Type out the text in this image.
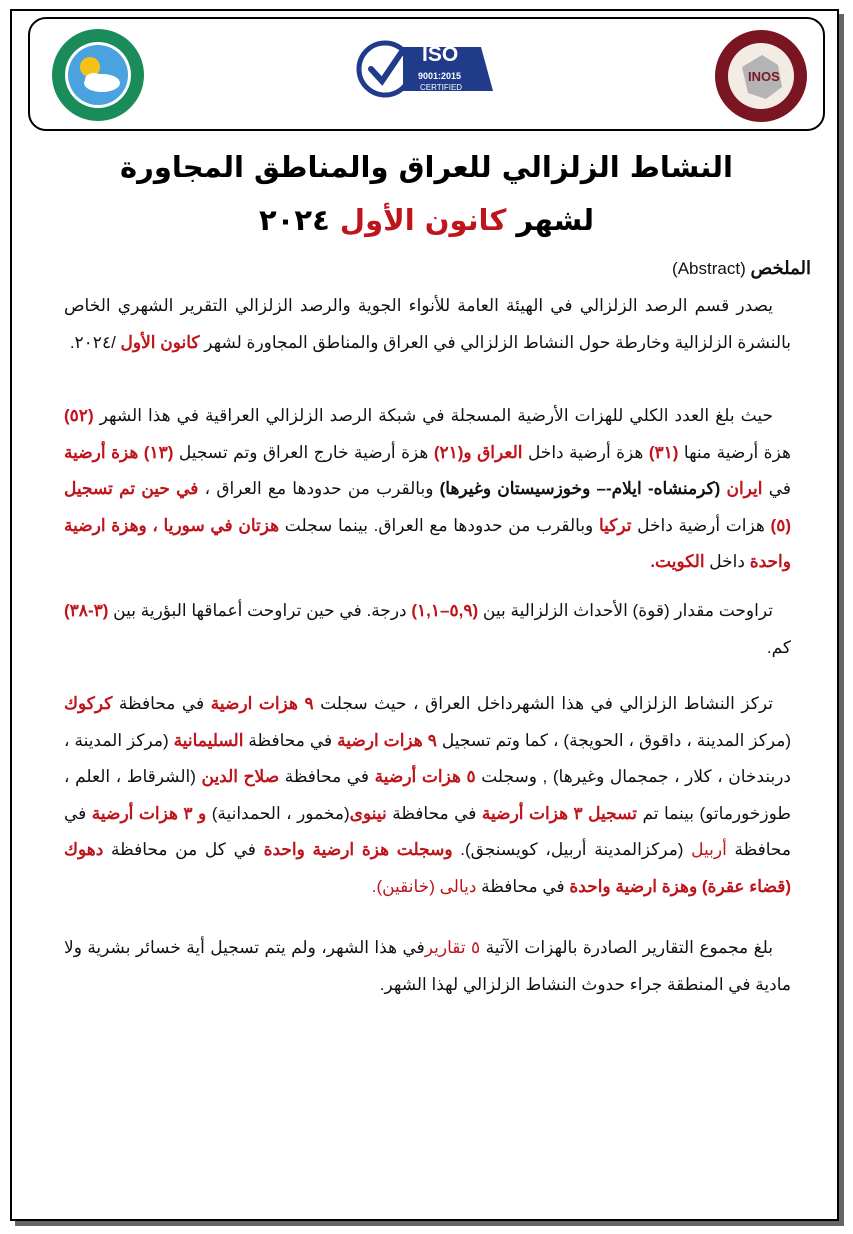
ISO
9001:2015
CERTIFIED
INOS
النشاط الزلزالي للعراق والمناطق المجاورة
لشهر كانون الأول ٢٠٢٤
الملخص (Abstract)
يصدر قسم الرصد الزلزالي في الهيئة العامة للأنواء الجوية والرصد الزلزالي التقرير الشهري الخاص بالنشرة الزلزالية وخارطة حول النشاط الزلزالي في العراق والمناطق المجاورة لشهر كانون الأول /٢٠٢٤.
حيث بلغ العدد الكلي للهزات الأرضية المسجلة في شبكة الرصد الزلزالي العراقية في هذا الشهر (٥٢) هزة أرضية منها (٣١) هزة أرضية داخل العراق و(٢١) هزة أرضية خارج العراق وتم تسجيل (١٣) هزة أرضية في ايران (كرمنشاه- ايلام-– وخوزسيستان وغيرها) وبالقرب من حدودها مع العراق ، في حين تم تسجيل (٥) هزات أرضية داخل تركيا وبالقرب من حدودها مع العراق. بينما سجلت هزتان في سوريا ، وهزة ارضية واحدة داخل الكويت.
تراوحت مقدار (قوة) الأحداث الزلزالية بين (٥,٩–١,١) درجة. في حين تراوحت أعماقها البؤرية بين (٣-٣٨) كم.
تركز النشاط الزلزالي في هذا الشهرداخل العراق ، حيث سجلت ٩ هزات ارضية في محافظة كركوك (مركز المدينة ، داقوق ، الحويجة) ، كما وتم تسجيل ٩ هزات ارضية في محافظة السليمانية (مركز المدينة ، دربندخان ، كلار ، جمجمال وغيرها) , وسجلت ٥ هزات أرضية في محافظة صلاح الدين (الشرقاط ، العلم ، طوزخورماتو) بينما تم تسجيل ٣ هزات أرضية في محافظة نينوى(مخمور ، الحمدانية) و ٣ هزات أرضية في محافظة أربيل (مركزالمدينة أربيل، كويسنجق). وسجلت هزة ارضية واحدة في كل من محافظة دهوك (قضاء عقرة) وهزة ارضية واحدة في محافظة ديالى (خانقين).
بلغ مجموع التقارير الصادرة بالهزات الآتية ٥ تقاريرفي هذا الشهر، ولم يتم تسجيل أية خسائر بشرية ولا مادية في المنطقة جراء حدوث النشاط الزلزالي لهذا الشهر.
